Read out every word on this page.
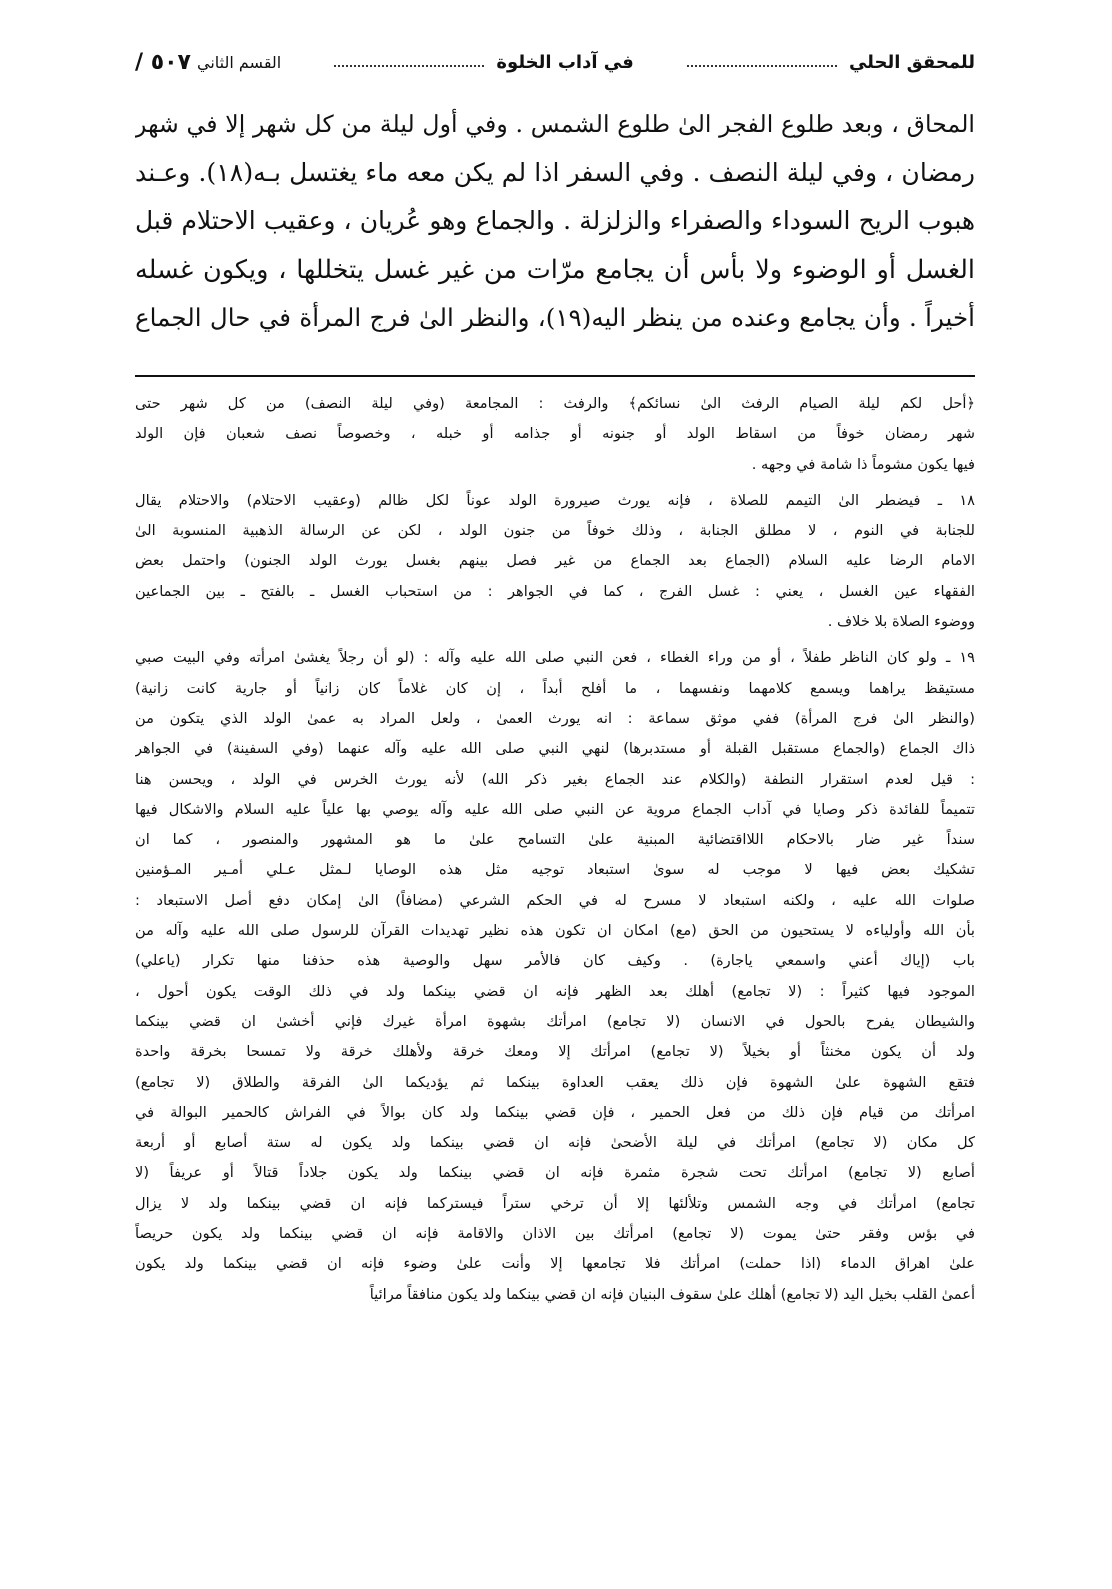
للمحقق الحلي
في آداب الخلوة
القسم الثاني
٥٠٧ /
المحاق ، وبعد طلوع الفجر الىٰ طلوع الشمس . وفي أول ليلة من كل شهر إلا في شهر
رمضان ، وفي ليلة النصف . وفي السفر اذا لم يكن معه ماء يغتسل بـه(١٨). وعـند
هبوب الريح السوداء والصفراء والزلزلة . والجماع وهو عُريان ، وعقيب الاحتلام قبل
الغسل أو الوضوء ولا بأس أن يجامع مرّات من غير غسل يتخللها ، ويكون غسله
أخيراً . وأن يجامع وعنده من ينظر اليه(١٩)، والنظر الىٰ فرج المرأة في حال الجماع
﴿أحل لكم ليلة الصيام الرفث الىٰ نسائكم﴾ والرفث : المجامعة (وفي ليلة النصف) من كل شهر حتى
شهر رمضان خوفاً من اسقاط الولد أو جنونه أو جذامه أو خبله ، وخصوصاً نصف شعبان فإن الولد
فيها يكون مشوماً ذا شامة في وجهه .
١٨ ـ فيضطر الىٰ التيمم للصلاة ، فإنه يورث صيرورة الولد عوناً لكل ظالم (وعقيب الاحتلام) والاحتلام يقال
للجنابة في النوم ، لا مطلق الجنابة ، وذلك خوفاً من جنون الولد ، لكن عن الرسالة الذهبية المنسوبة الىٰ
الامام الرضا عليه السلام (الجماع بعد الجماع من غير فصل بينهم بغسل يورث الولد الجنون) واحتمل بعض
الفقهاء عين الغسل ، يعني : غسل الفرج ، كما في الجواهر : من استحباب الغسل ـ بالفتح ـ بين الجماعين
ووضوء الصلاة بلا خلاف .
١٩ ـ ولو كان الناظر طفلاً ، أو من وراء الغطاء ، فعن النبي صلى الله عليه وآله : (لو أن رجلاً يغشىٰ امرأته وفي البيت صبي
مستيقظ يراهما ويسمع كلامهما ونفسهما ، ما أفلح أبداً ، إن كان غلاماً كان زانياً أو جارية كانت زانية)
(والنظر الىٰ فرج المرأة) ففي موثق سماعة : انه يورث العمىٰ ، ولعل المراد به عمىٰ الولد الذي يتكون من
ذاك الجماع (والجماع مستقبل القبلة أو مستدبرها) لنهي النبي صلى الله عليه وآله عنهما (وفي السفينة) في الجواهر
: قيل لعدم استقرار النطفة (والكلام عند الجماع بغير ذكر الله) لأنه يورث الخرس في الولد ، ويحسن هنا
تتميماً للفائدة ذكر وصايا في آداب الجماع مروية عن النبي صلى الله عليه وآله يوصي بها علياً عليه السلام والاشكال فيها
سنداً غير ضار بالاحكام اللااقتضائية المبنية علىٰ التسامح علىٰ ما هو المشهور والمنصور ، كما ان
تشكيك بعض فيها لا موجب له سوىٰ استبعاد توجيه مثل هذه الوصايا لـمثل عـلي أمـير المـؤمنين
صلوات الله عليه ، ولكنه استبعاد لا مسرح له في الحكم الشرعي (مضافاً) الىٰ إمكان دفع أصل الاستبعاد :
بأن الله وأولياءه لا يستحيون من الحق (مع) امكان ان تكون هذه نظير تهديدات القرآن للرسول صلى الله عليه وآله من
باب (إياك أعني واسمعي ياجارة) . وكيف كان فالأمر سهل والوصية هذه حذفنا منها تكرار (ياعلي)
الموجود فيها كثيراً : (لا تجامع) أهلك بعد الظهر فإنه ان قضي بينكما ولد في ذلك الوقت يكون أحول ،
والشيطان يفرح بالحول في الانسان (لا تجامع) امرأتك بشهوة امرأة غيرك فإني أخشىٰ ان قضي بينكما
ولد أن يكون مخنثاً أو بخيلاً (لا تجامع) امرأتك إلا ومعك خرقة ولأهلك خرقة ولا تمسحا بخرقة واحدة
فتقع الشهوة علىٰ الشهوة فإن ذلك يعقب العداوة بينكما ثم يؤديكما الىٰ الفرقة والطلاق (لا تجامع)
امرأتك من قيام فإن ذلك من فعل الحمير ، فإن قضي بينكما ولد كان بوالاً في الفراش كالحمير البوالة في
كل مكان (لا تجامع) امرأتك في ليلة الأضحىٰ فإنه ان قضي بينكما ولد يكون له ستة أصابع أو أربعة
أصابع (لا تجامع) امرأتك تحت شجرة مثمرة فإنه ان قضي بينكما ولد يكون جلاداً قتالاً أو عريفاً (لا
تجامع) امرأتك في وجه الشمس وتلألئها إلا أن ترخي ستراً فيستركما فإنه ان قضي بينكما ولد لا يزال
في بؤس وفقر حتىٰ يموت (لا تجامع) امرأتك بين الاذان والاقامة فإنه ان قضي بينكما ولد يكون حريصاً
علىٰ اهراق الدماء (اذا حملت) امرأتك فلا تجامعها إلا وأنت علىٰ وضوء فإنه ان قضي بينكما ولد يكون
أعمىٰ القلب بخيل اليد (لا تجامع) أهلك علىٰ سقوف البنيان فإنه ان قضي بينكما ولد يكون منافقاً مرائياً
